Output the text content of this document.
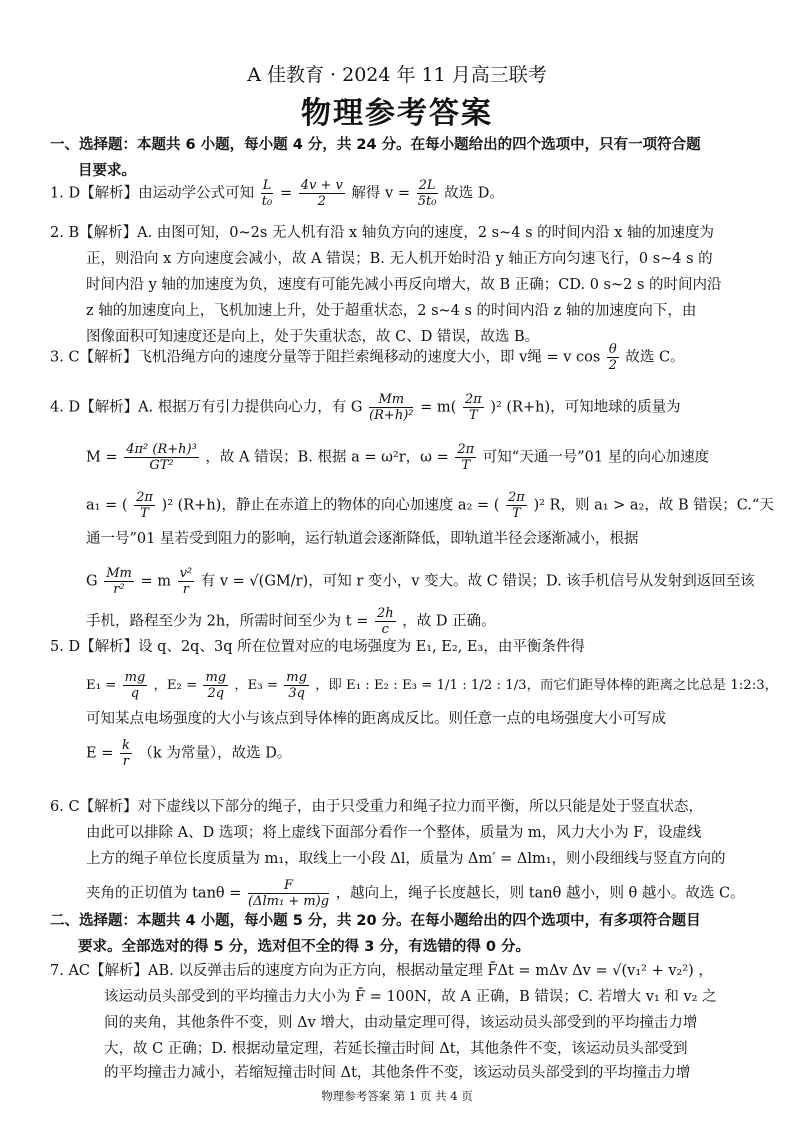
A 佳教育 · 2024 年 11 月高三联考
物理参考答案
一、选择题：本题共 6 小题，每小题 4 分，共 24 分。在每小题给出的四个选项中，只有一项符合题
目要求。
1. D【解析】由运动学公式可知 $\frac{L}{\text{t₀}} = \frac{4v + v}{2}$ 解得 $v = \frac{2L}{\text{5t₀}}$ 故选 D。
2. B【解析】A. 由图可知，0~2s 无人机有沿 x 轴负方向的速度，2 s~4 s 的时间内沿 x 轴的加速度为
正，则沿向 x 方向速度会减小，故 A 错误；B. 无人机开始时沿 y 轴正方向匀速飞行，0 s~4 s 的
时间内沿 y 轴的加速度为负，速度有可能先减小再反向增大，故 B 正确；CD. 0 s~2 s 的时间内沿
z 轴的加速度向上，飞机加速上升，处于超重状态，2 s~4 s 的时间内沿 z 轴的加速度向下，由
图像面积可知速度还是向上，处于失重状态，故 C、D 错误，故选 B。
3. C【解析】飞机沿绳方向的速度分量等于阻拦索绳移动的速度大小，即 v绳 = v $\cos \frac{\theta}{2}$ 故选 C。
4. D【解析】A. 根据万有引力提供向心力，有 G $\frac{Mm}{\text{(R+h)²}} = m( \frac{2\pi}{T} )^2$ (R+h)，可知地球的质量为
$M = \frac{\text{4π² (R+h)³}}{\text{GT²}}$ ，故 A 错误；B. 根据 a = ω²r，$\omega = \frac{2\pi}{T}$ 可知“天通一号”01 星的向心加速度
a₁ = ( $\frac{2\pi}{T} )^2$ (R+h)，静止在赤道上的物体的向心加速度 a₂ = ( $\frac{2\pi}{T} )^2$ R，则 a₁ > a₂，故 B 错误；C.“天
通一号”01 星若受到阻力的影响，运行轨道会逐渐降低，即轨道半径会逐渐减小，根据
G $\frac{Mm}{\text{r²}} = m \frac{\text{v²}}{r}$ 有 v = √(GM/r)，可知 r 变小，v 变大。故 C 错误；D. 该手机信号从发射到返回至该
手机，路程至少为 2h，所需时间至少为 $t = \frac{2h}{c}$ ，故 D 正确。
5. D【解析】设 q、2q、3q 所在位置对应的电场强度为 E₁, E₂, E₃，由平衡条件得
$E_1 = \frac{mg}{q}$ ，$E_2 = \frac{mg}{2q}$ ，$E_3 = \frac{mg}{3q}$ ，即 E₁ : E₂ : E₃ = 1/1 : 1/2 : 1/3，而它们距导体棒的距离之比总是 1:2:3，
可知某点电场强度的大小与该点到导体棒的距离成反比。则任意一点的电场强度大小可写成
$E = \frac{k}{r} (k$ 为常量），故选 D。
6. C【解析】对下虚线以下部分的绳子，由于只受重力和绳子拉力而平衡，所以只能是处于竖直状态，
由此可以排除 A、D 选项；将上虚线下面部分看作一个整体，质量为 m，风力大小为 F，设虚线
上方的绳子单位长度质量为 m₁，取线上一小段 Δl，质量为 Δm′ = Δlm₁，则小段细线与竖直方向的
夹角的正切值为 $\tan\theta = \frac{F}{\text{(Δlm₁ + m)g}}$ ，越向上，绳子长度越长，则 tanθ 越小，则 θ 越小。故选 C。
二、选择题：本题共 4 小题，每小题 5 分，共 20 分。在每小题给出的四个选项中，有多项符合题目
要求。全部选对的得 5 分，选对但不全的得 3 分，有选错的得 0 分。
7. AC【解析】AB. 以反弹击后的速度方向为正方向，根据动量定理 F̄Δt = mΔv Δv = √(v₁² + v₂²) ，
该运动员头部受到的平均撞击力大小为 F̄ = 100N，故 A 正确，B 错误；C. 若增大 v₁ 和 v₂ 之
间的夹角，其他条件不变，则 Δv 增大，由动量定理可得，该运动员头部受到的平均撞击力增
大，故 C 正确；D. 根据动量定理，若延长撞击时间 Δt，其他条件不变，该运动员头部受到
的平均撞击力减小，若缩短撞击时间 Δt，其他条件不变，该运动员头部受到的平均撞击力增
物理参考答案 第 1 页 共 4 页
